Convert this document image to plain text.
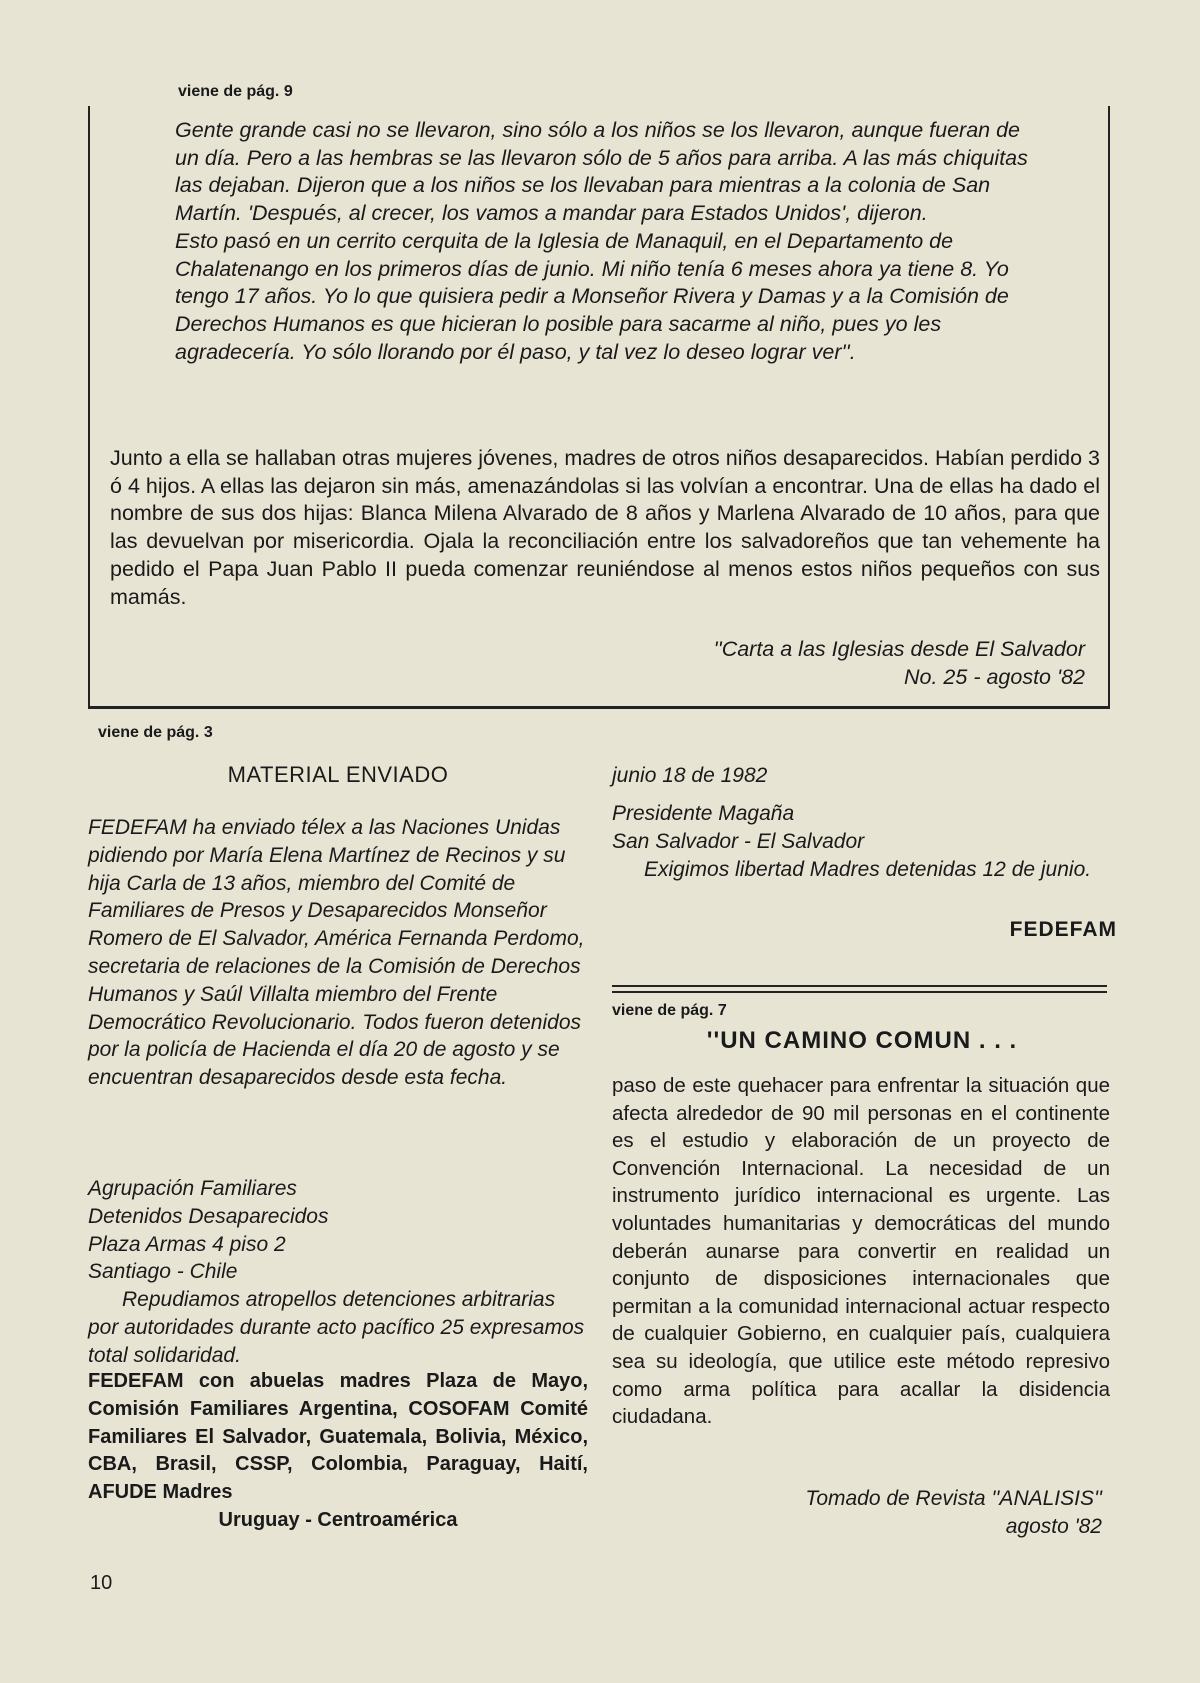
viene de pág. 9

Gente grande casi no se llevaron, sino sólo a los niños se los llevaron, aunque fueran de un día. Pero a las hembras se las llevaron sólo de 5 años para arriba. A las más chiquitas las dejaban. Dijeron que a los niños se los llevaban para mientras a la colonia de San Martín. 'Después, al crecer, los vamos a mandar para Estados Unidos', dijeron.

Esto pasó en un cerrito cerquita de la Iglesia de Manaquil, en el Departamento de Chalatenango en los primeros días de junio. Mi niño tenía 6 meses ahora ya tiene 8. Yo tengo 17 años. Yo lo que quisiera pedir a Monseñor Rivera y Damas y a la Comisión de Derechos Humanos es que hicieran lo posible para sacarme al niño, pues yo les agradecería. Yo sólo llorando por él paso, y tal vez lo deseo lograr ver''.

Junto a ella se hallaban otras mujeres jóvenes, madres de otros niños desaparecidos. Habían perdido 3 ó 4 hijos. A ellas las dejaron sin más, amenazándolas si las volvían a encontrar. Una de ellas ha dado el nombre de sus dos hijas: Blanca Milena Alvarado de 8 años y Marlena Alvarado de 10 años, para que las devuelvan por misericordia. Ojala la reconciliación entre los salvadoreños que tan vehemente ha pedido el Papa Juan Pablo II pueda comenzar reuniéndose al menos estos niños pequeños con sus mamás.

''Carta a las Iglesias desde El Salvador
No. 25 - agosto '82
viene de pág. 3
MATERIAL ENVIADO

FEDEFAM ha enviado télex a las Naciones Unidas pidiendo por María Elena Martínez de Recinos y su hija Carla de 13 años, miembro del Comité de Familiares de Presos y Desaparecidos Monseñor Romero de El Salvador, América Fernanda Perdomo, secretaria de relaciones de la Comisión de Derechos Humanos y Saúl Villalta miembro del Frente Democrático Revolucionario. Todos fueron detenidos por la policía de Hacienda el día 20 de agosto y se encuentran desaparecidos desde esta fecha.

Agrupación Familiares
Detenidos Desaparecidos
Plaza Armas 4 piso 2
Santiago - Chile

Repudiamos atropellos detenciones arbitrarias por autoridades durante acto pacífico 25 expresamos total solidaridad.

FEDEFAM con abuelas madres Plaza de Mayo, Comisión Familiares Argentina, COSOFAM Comité Familiares El Salvador, Guatemala, Bolivia, México, CBA, Brasil, CSSP, Colombia, Paraguay, Haití, AFUDE Madres
Uruguay - Centroamérica

junio 18 de 1982
Presidente Magaña
San Salvador - El Salvador
Exigimos libertad Madres detenidas 12 de junio.
FEDEFAM
viene de pág. 7
''UN CAMINO COMUN . . .

paso de este quehacer para enfrentar la situación que afecta alrededor de 90 mil personas en el continente es el estudio y elaboración de un proyecto de Convención Internacional. La necesidad de un instrumento jurídico internacional es urgente. Las voluntades humanitarias y democráticas del mundo deberán aunarse para convertir en realidad un conjunto de disposiciones internacionales que permitan a la comunidad internacional actuar respecto de cualquier Gobierno, en cualquier país, cualquiera sea su ideología, que utilice este método represivo como arma política para acallar la disidencia ciudadana.

Tomado de Revista ''ANALISIS''
agosto '82
10
